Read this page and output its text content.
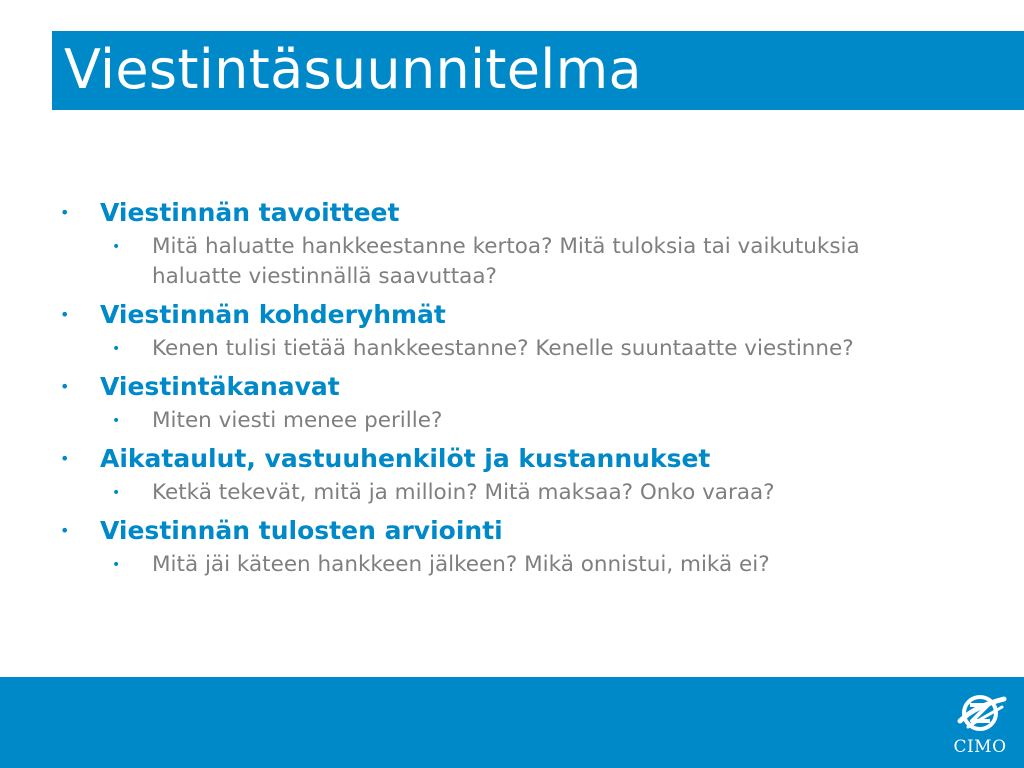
Viestintäsuunnitelma
• Viestinnän tavoitteet
• Mitä haluatte hankkeestanne kertoa? Mitä tuloksia tai vaikutuksia haluatte viestinnällä saavuttaa?
• Viestinnän kohderyhmät
• Kenen tulisi tietää hankkeestanne? Kenelle suuntaatte viestinne?
• Viestintäkanavat
• Miten viesti menee perille?
• Aikataulut, vastuuhenkilöt ja kustannukset
• Ketkä tekevät, mitä ja milloin? Mitä maksaa? Onko varaa?
• Viestinnän tulosten arviointi
• Mitä jäi käteen hankkeen jälkeen? Mikä onnistui, mikä ei?
CIMO
